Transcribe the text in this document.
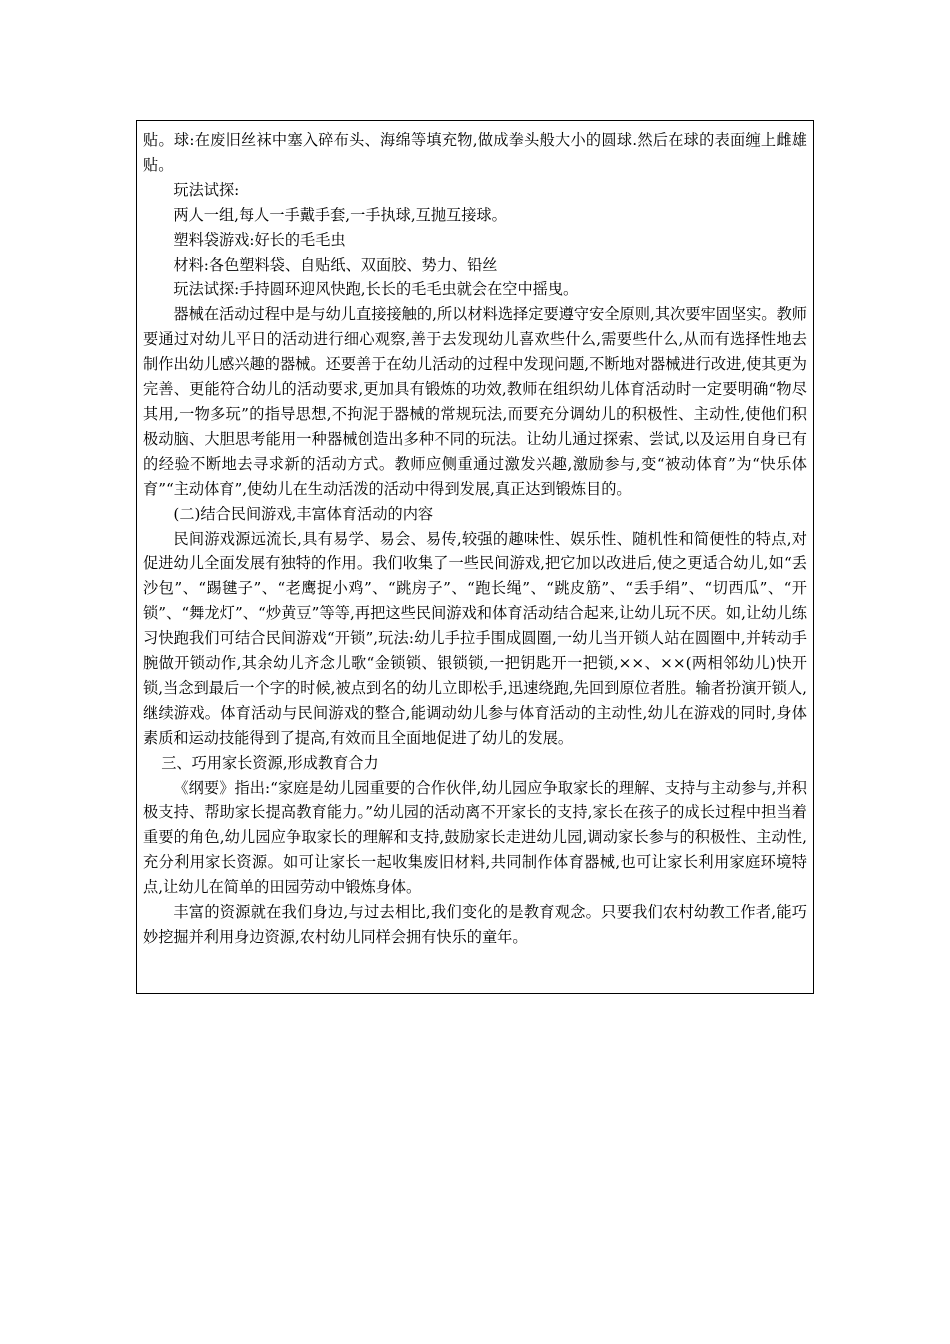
贴。球:在废旧丝袜中塞入碎布头、海绵等填充物,做成拳头般大小的圆球.然后在球的表面缠上雌雄贴。

玩法试探:

两人一组,每人一手戴手套,一手执球,互抛互接球。

塑料袋游戏:好长的毛毛虫

材料:各色塑料袋、自贴纸、双面胶、势力、铅丝

玩法试探:手持圆环迎风快跑,长长的毛毛虫就会在空中摇曳。

器械在活动过程中是与幼儿直接接触的,所以材料选择定要遵守安全原则,其次要牢固坚实。教师要通过对幼儿平日的活动进行细心观察,善于去发现幼儿喜欢些什么,需要些什么,从而有选择性地去制作出幼儿感兴趣的器械。还要善于在幼儿活动的过程中发现问题,不断地对器械进行改进,使其更为完善、更能符合幼儿的活动要求,更加具有锻炼的功效,教师在组织幼儿体育活动时一定要明确“物尽其用,一物多玩”的指导思想,不拘泥于器械的常规玩法,而要充分调幼儿的积极性、主动性,使他们积极动脑、大胆思考能用一种器械创造出多种不同的玩法。让幼儿通过探索、尝试,以及运用自身已有的经验不断地去寻求新的活动方式。教师应侧重通过激发兴趣,激励参与,变“被动体育”为“快乐体育”“主动体育”,使幼儿在生动活泼的活动中得到发展,真正达到锻炼目的。

(二)结合民间游戏,丰富体育活动的内容

民间游戏源远流长,具有易学、易会、易传,较强的趣味性、娱乐性、随机性和简便性的特点,对促进幼儿全面发展有独特的作用。我们收集了一些民间游戏,把它加以改进后,使之更适合幼儿,如“丢沙包”、“踢毽子”、“老鹰捉小鸡”、“跳房子”、“跑长绳”、“跳皮筋”、“丢手绢”、“切西瓜”、“开锁”、“舞龙灯”、“炒黄豆”等等,再把这些民间游戏和体育活动结合起来,让幼儿玩不厌。如,让幼儿练习快跑我们可结合民间游戏“开锁”,玩法:幼儿手拉手围成圆圈,一幼儿当开锁人站在圆圈中,并转动手腕做开锁动作,其余幼儿齐念儿歌“金锁锁、银锁锁,一把钥匙开一把锁,××、××(两相邻幼儿)快开锁,当念到最后一个字的时候,被点到名的幼儿立即松手,迅速绕跑,先回到原位者胜。输者扮演开锁人,继续游戏。体育活动与民间游戏的整合,能调动幼儿参与体育活动的主动性,幼儿在游戏的同时,身体素质和运动技能得到了提高,有效而且全面地促进了幼儿的发展。

三、巧用家长资源,形成教育合力

《纲要》指出:“家庭是幼儿园重要的合作伙伴,幼儿园应争取家长的理解、支持与主动参与,并积极支持、帮助家长提高教育能力。”幼儿园的活动离不开家长的支持,家长在孩子的成长过程中担当着重要的角色,幼儿园应争取家长的理解和支持,鼓励家长走进幼儿园,调动家长参与的积极性、主动性,充分利用家长资源。如可让家长一起收集废旧材料,共同制作体育器械,也可让家长利用家庭环境特点,让幼儿在简单的田园劳动中锻炼身体。

丰富的资源就在我们身边,与过去相比,我们变化的是教育观念。只要我们农村幼教工作者,能巧妙挖掘并利用身边资源,农村幼儿同样会拥有快乐的童年。
